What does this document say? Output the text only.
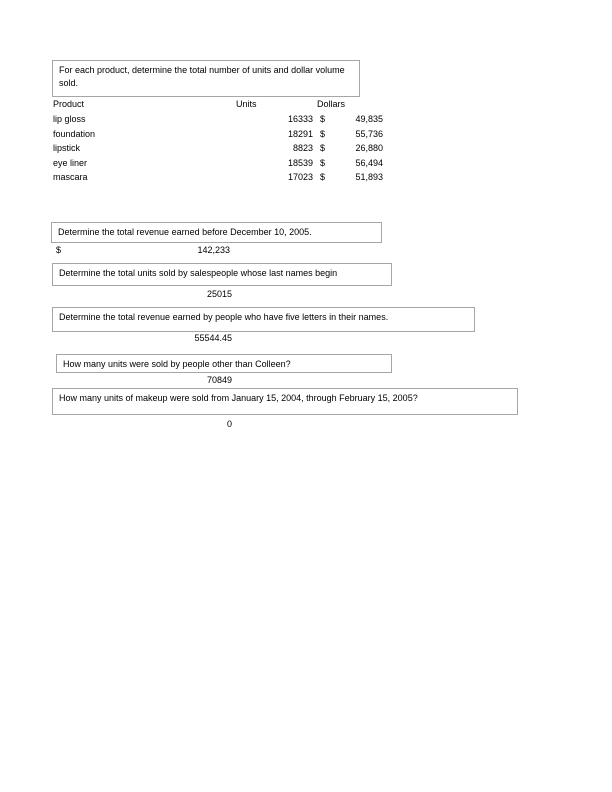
For each product, determine the total number of units and dollar volume sold.
Product	Units	Dollars
lip gloss	16333 $	49,835
foundation	18291 $	55,736
lipstick	8823 $	26,880
eye liner	18539 $	56,494
mascara	17023 $	51,893
Determine the total revenue earned before December 10, 2005.
$	142,233
Determine the total units sold by salespeople whose last names begin
25015
Determine the total revenue earned by people who have five letters in their names.
55544.45
How many units were sold by people other than Colleen?
70849
How many units of makeup were sold from January 15, 2004, through February 15, 2005?
0
